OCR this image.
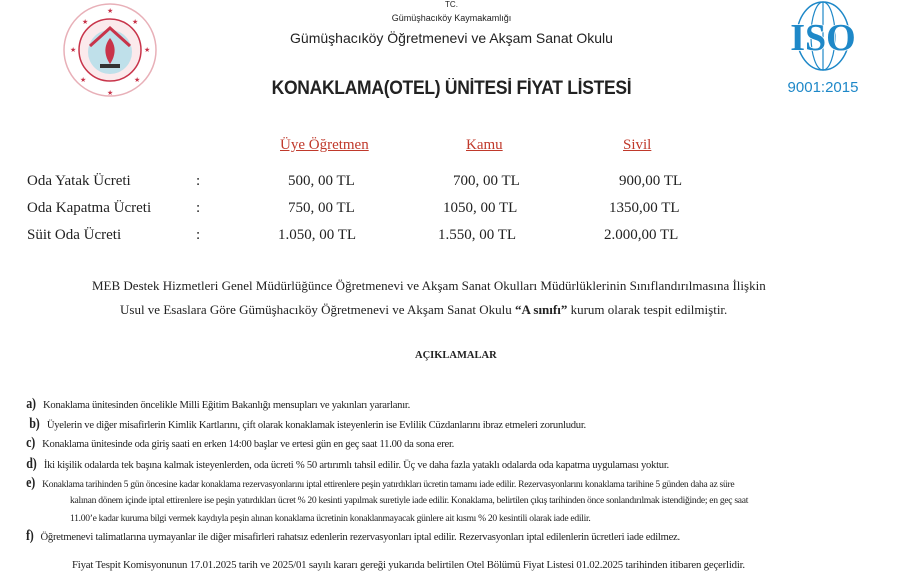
★	★
★	★
★	★
★
★
TC.
Gümüşhacıköy Kaymakamlığı
Gümüşhacıköy Öğretmenevi ve Akşam Sanat Okulu
KONAKLAMA(OTEL) ÜNİTESİ FİYAT LİSTESİ
ISO
9001:2015
Üye Öğretmen	Kamu	Sivil
Oda Yatak Ücreti	:	500, 00 TL	700, 00 TL	900,00 TL
Oda Kapatma Ücreti	:	750, 00 TL	1050, 00 TL	1350,00 TL
Süit Oda Ücreti	:	1.050, 00 TL	1.550, 00 TL	2.000,00 TL
MEB Destek Hizmetleri Genel Müdürlüğünce Öğretmenevi ve Akşam Sanat Okulları Müdürlüklerinin Sınıflandırılmasına İlişkin
Usul ve Esaslara Göre Gümüşhacıköy Öğretmenevi ve Akşam Sanat Okulu “A sınıfı” kurum olarak tespit edilmiştir.
AÇIKLAMALAR
a) Konaklama ünitesinden öncelikle Milli Eğitim Bakanlığı mensupları ve yakınları yararlanır.
b) Üyelerin ve diğer misafirlerin Kimlik Kartlarını, çift olarak konaklamak isteyenlerin ise Evlilik Cüzdanlarını ibraz etmeleri zorunludur.
c) Konaklama ünitesinde oda giriş saati en erken 14:00 başlar ve ertesi gün en geç saat 11.00 da sona erer.
d) İki kişilik odalarda tek başına kalmak isteyenlerden, oda ücreti % 50 artırımlı tahsil edilir. Üç ve daha fazla yataklı odalarda oda kapatma uygulaması yoktur.
e) Konaklama tarihinden 5 gün öncesine kadar konaklama rezervasyonlarını iptal ettirenlere peşin yatırdıkları ücretin tamamı iade edilir. Rezervasyonlarını konaklama tarihine 5 günden daha az süre
kalınan dönem içinde iptal ettirenlere ise peşin yatırdıkları ücret % 20 kesinti yapılmak suretiyle iade edilir. Konaklama, belirtilen çıkış tarihinden önce sonlandırılmak istendiğinde; en geç saat
11.00’e kadar kuruma bilgi vermek kaydıyla peşin alınan konaklama ücretinin konaklanmayacak günlere ait kısmı % 20 kesintili olarak iade edilir.
f) Öğretmenevi talimatlarına uymayanlar ile diğer misafirleri rahatsız edenlerin rezervasyonları iptal edilir. Rezervasyonları iptal edilenlerin ücretleri iade edilmez.
Fiyat Tespit Komisyonunun 17.01.2025 tarih ve 2025/01 sayılı kararı gereği yukarıda belirtilen Otel Bölümü Fiyat Listesi 01.02.2025 tarihinden itibaren geçerlidir.
